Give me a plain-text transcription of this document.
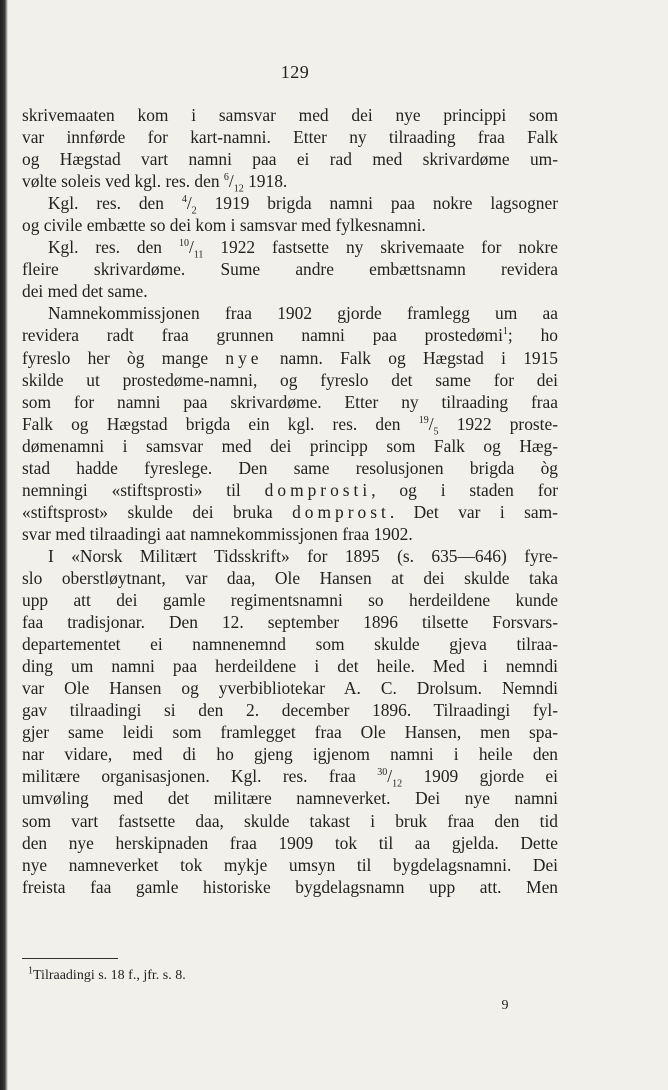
129
skrivemaaten kom i samsvar med dei nye princippi som
var innførde for kart-namni. Etter ny tilraading fraa Falk
og Hægstad vart namni paa ei rad med skrivardøme um-
vølte soleis ved kgl. res. den $^6/_{12}$ 1918.
Kgl. res. den $^4/_2$ 1919 brigda namni paa nokre lagsogner
og civile embætte so dei kom i samsvar med fylkesnamni.
Kgl. res. den $^{10}/_{11}$ 1922 fastsette ny skrivemaate for nokre
fleire skrivardøme. Sume andre embættsnamn revidera
dei med det same.
Namnekommissjonen fraa 1902 gjorde framlegg um aa
revidera radt fraa grunnen namni paa prostedømi$^1$; ho
fyreslo her òg mange nye namn. Falk og Hægstad i 1915
skilde ut prostedøme-namni, og fyreslo det same for dei
som for namni paa skrivardøme. Etter ny tilraading fraa
Falk og Hægstad brigda ein kgl. res. den $^{19}/_5$ 1922 proste-
dømenamni i samsvar med dei principp som Falk og Hæg-
stad hadde fyreslege. Den same resolusjonen brigda òg
nemningi «stiftsprosti» til domprosti, og i staden for
«stiftsprost» skulde dei bruka domprost. Det var i sam-
svar med tilraadingi aat namnekommissjonen fraa 1902.
I «Norsk Militært Tidsskrift» for 1895 (s. 635—646) fyre-
slo oberstløytnant, var daa, Ole Hansen at dei skulde taka
upp att dei gamle regimentsnamni so herdeildene kunde
faa tradisjonar. Den 12. september 1896 tilsette Forsvars-
departementet ei namnenemnd som skulde gjeva tilraa-
ding um namni paa herdeildene i det heile. Med i nemndi
var Ole Hansen og yverbibliotekar A. C. Drolsum. Nemndi
gav tilraadingi si den 2. december 1896. Tilraadingi fyl-
gjer same leidi som framlegget fraa Ole Hansen, men spa-
nar vidare, med di ho gjeng igjenom namni i heile den
militære organisasjonen. Kgl. res. fraa $^{30}/_{12}$ 1909 gjorde ei
umvøling med det militære namneverket. Dei nye namni
som vart fastsette daa, skulde takast i bruk fraa den tid
den nye herskipnaden fraa 1909 tok til aa gjelda. Dette
nye namneverket tok mykje umsyn til bygdelagsnamni. Dei
freista faa gamle historiske bygdelagsnamn upp att. Men
$^1$Tilraadingi s. 18 f., jfr. s. 8.
9
